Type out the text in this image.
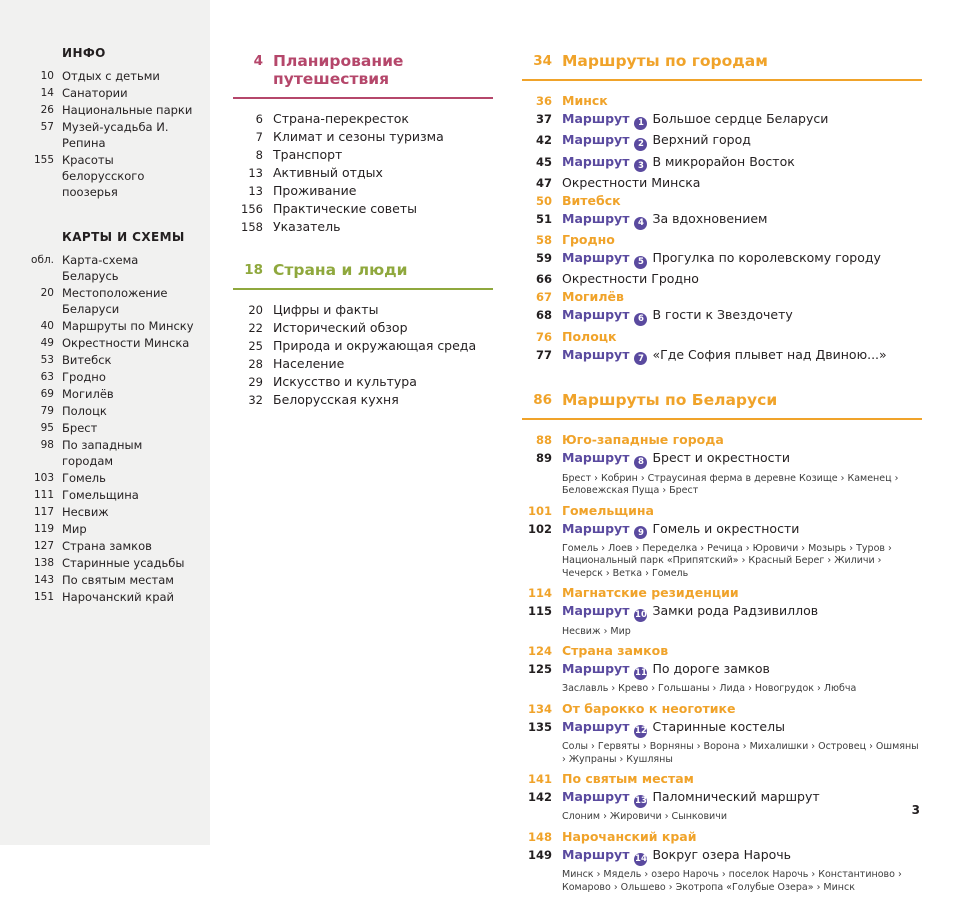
ИНФО
10 Отдых с детьми
14 Санатории
26 Национальные парки
57 Музей-усадьба И. Репина
155 Красоты белорусского поозерья
КАРТЫ И СХЕМЫ
обл. Карта-схема Беларусь
20 Местоположение Беларуси
40 Маршруты по Минску
49 Окрестности Минска
53 Витебск
63 Гродно
69 Могилёв
79 Полоцк
95 Брест
98 По западным городам
103 Гомель
111 Гомельщина
117 Несвиж
119 Мир
127 Страна замков
138 Старинные усадьбы
143 По святым местам
151 Нарочанский край
4 Планирование путешествия
6 Страна-перекресток
7 Климат и сезоны туризма
8 Транспорт
13 Активный отдых
13 Проживание
156 Практические советы
158 Указатель
18 Страна и люди
20 Цифры и факты
22 Исторический обзор
25 Природа и окружающая среда
28 Население
29 Искусство и культура
32 Белорусская кухня
34 Маршруты по городам
36 Минск
37 Маршрут 1 Большое сердце Беларуси
42 Маршрут 2 Верхний город
45 Маршрут 3 В микрорайон Восток
47 Окрестности Минска
50 Витебск
51 Маршрут 4 За вдохновением
58 Гродно
59 Маршрут 5 Прогулка по королевскому городу
66 Окрестности Гродно
67 Могилёв
68 Маршрут 6 В гости к Звездочету
76 Полоцк
77 Маршрут 7 «Где София плывет над Двиною...»
86 Маршруты по Беларуси
88 Юго-западные города
89 Маршрут 8 Брест и окрестности
Брест › Кобрин › Страусиная ферма в деревне Козище › Каменец › Беловежская Пуща › Брест
101 Гомельщина
102 Маршрут 9 Гомель и окрестности
Гомель › Лоев › Переделка › Речица › Юровичи › Мозырь › Туров › Национальный парк «Припятский» › Красный Берег › Жиличи › Чечерск › Ветка › Гомель
114 Магнатские резиденции
115 Маршрут 10 Замки рода Радзивиллов
Несвиж › Мир
124 Страна замков
125 Маршрут 11 По дороге замков
Заславль › Крево › Гольшаны › Лида › Новогрудок › Любча
134 От барокко к неоготике
135 Маршрут 12 Старинные костелы
Солы › Гервяты › Ворняны › Ворона › Михалишки › Островец › Ошмяны › Жупраны › Кушляны
141 По святым местам
142 Маршрут 13 Паломнический маршрут
Слоним › Жировичи › Сынковичи
148 Нарочанский край
149 Маршрут 14 Вокруг озера Нарочь
Минск › Мядель › озеро Нарочь › поселок Нарочь › Константиново › Комарово › Ольшево › Экотропа «Голубые Озера» › Минск
3
